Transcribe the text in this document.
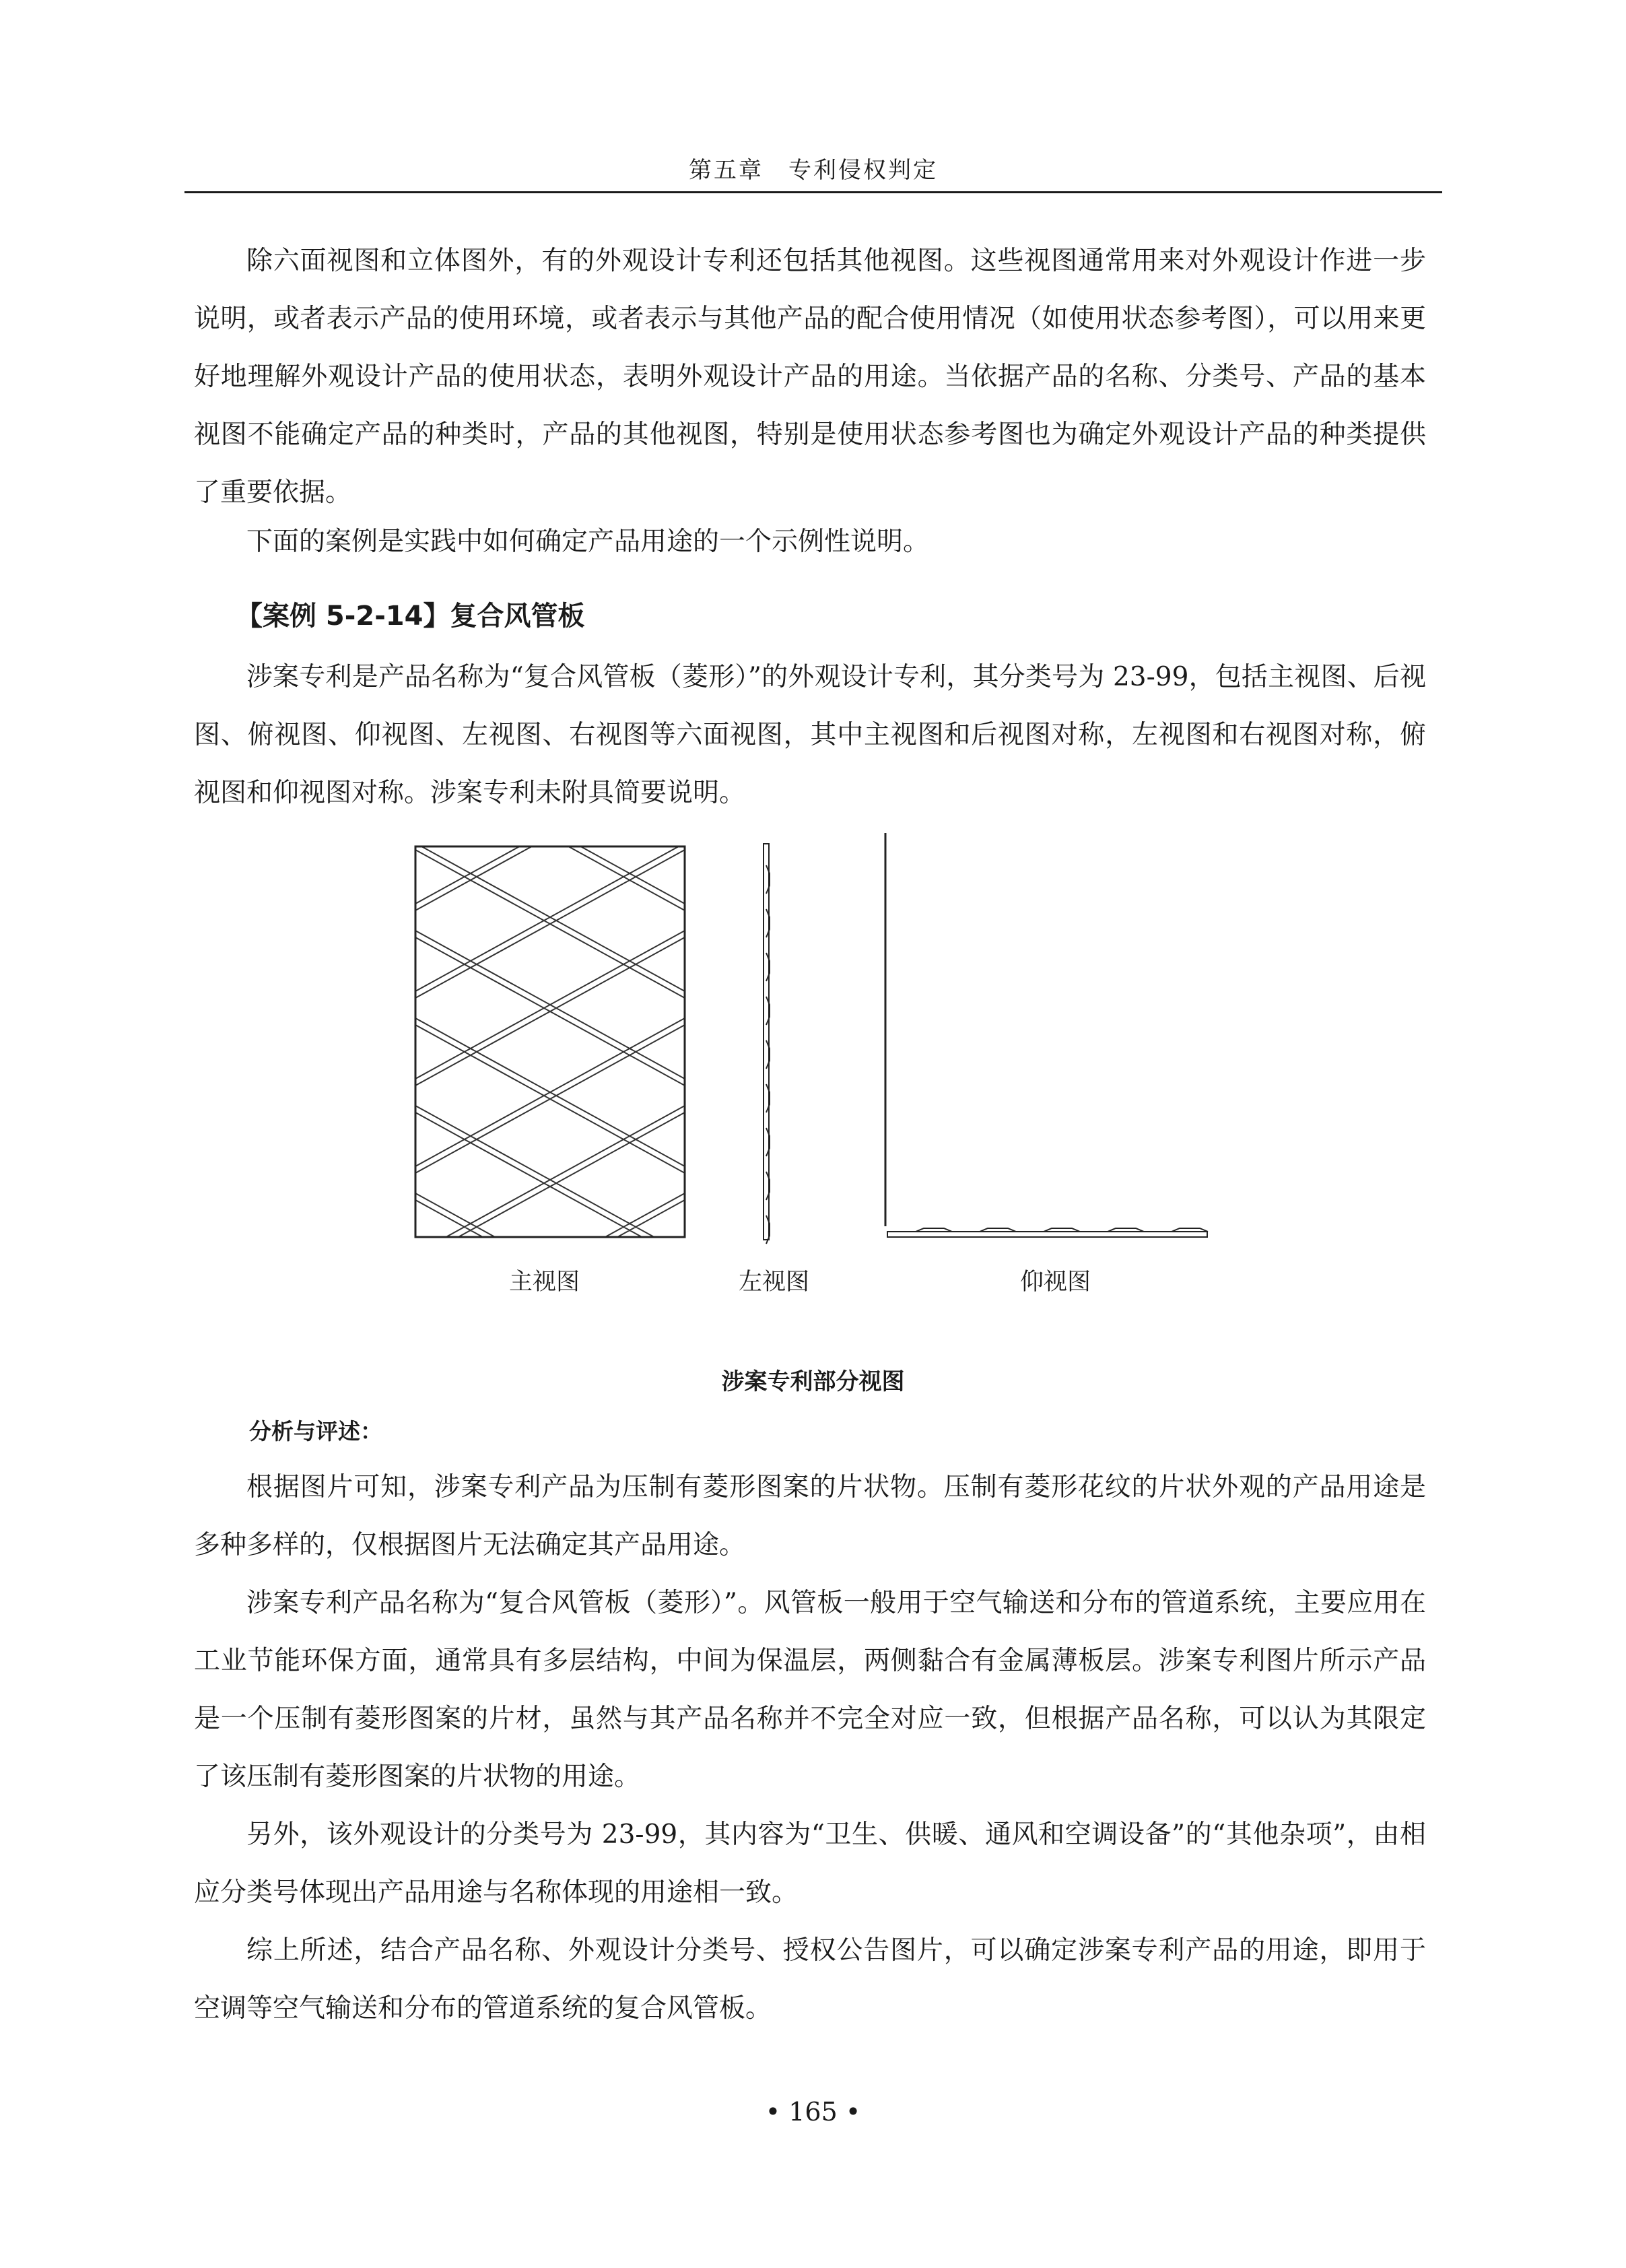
第五章　专利侵权判定

除六面视图和立体图外，有的外观设计专利还包括其他视图。这些视图通常用来对外观设计作进一步说明，或者表示产品的使用环境，或者表示与其他产品的配合使用情况（如使用状态参考图），可以用来更好地理解外观设计产品的使用状态，表明外观设计产品的用途。当依据产品的名称、分类号、产品的基本视图不能确定产品的种类时，产品的其他视图，特别是使用状态参考图也为确定外观设计产品的种类提供了重要依据。

下面的案例是实践中如何确定产品用途的一个示例性说明。

【案例 5-2-14】复合风管板

涉案专利是产品名称为“复合风管板（菱形）”的外观设计专利，其分类号为 23-99，包括主视图、后视图、俯视图、仰视图、左视图、右视图等六面视图，其中主视图和后视图对称，左视图和右视图对称，俯视图和仰视图对称。涉案专利未附具简要说明。

主视图	左视图	仰视图
涉案专利部分视图
分析与评述：

根据图片可知，涉案专利产品为压制有菱形图案的片状物。压制有菱形花纹的片状外观的产品用途是多种多样的，仅根据图片无法确定其产品用途。

涉案专利产品名称为“复合风管板（菱形）”。风管板一般用于空气输送和分布的管道系统，主要应用在工业节能环保方面，通常具有多层结构，中间为保温层，两侧黏合有金属薄板层。涉案专利图片所示产品是一个压制有菱形图案的片材，虽然与其产品名称并不完全对应一致，但根据产品名称，可以认为其限定了该压制有菱形图案的片状物的用途。

另外，该外观设计的分类号为 23-99，其内容为“卫生、供暖、通风和空调设备”的“其他杂项”，由相应分类号体现出产品用途与名称体现的用途相一致。

综上所述，结合产品名称、外观设计分类号、授权公告图片，可以确定涉案专利产品的用途，即用于空调等空气输送和分布的管道系统的复合风管板。

• 165 •
